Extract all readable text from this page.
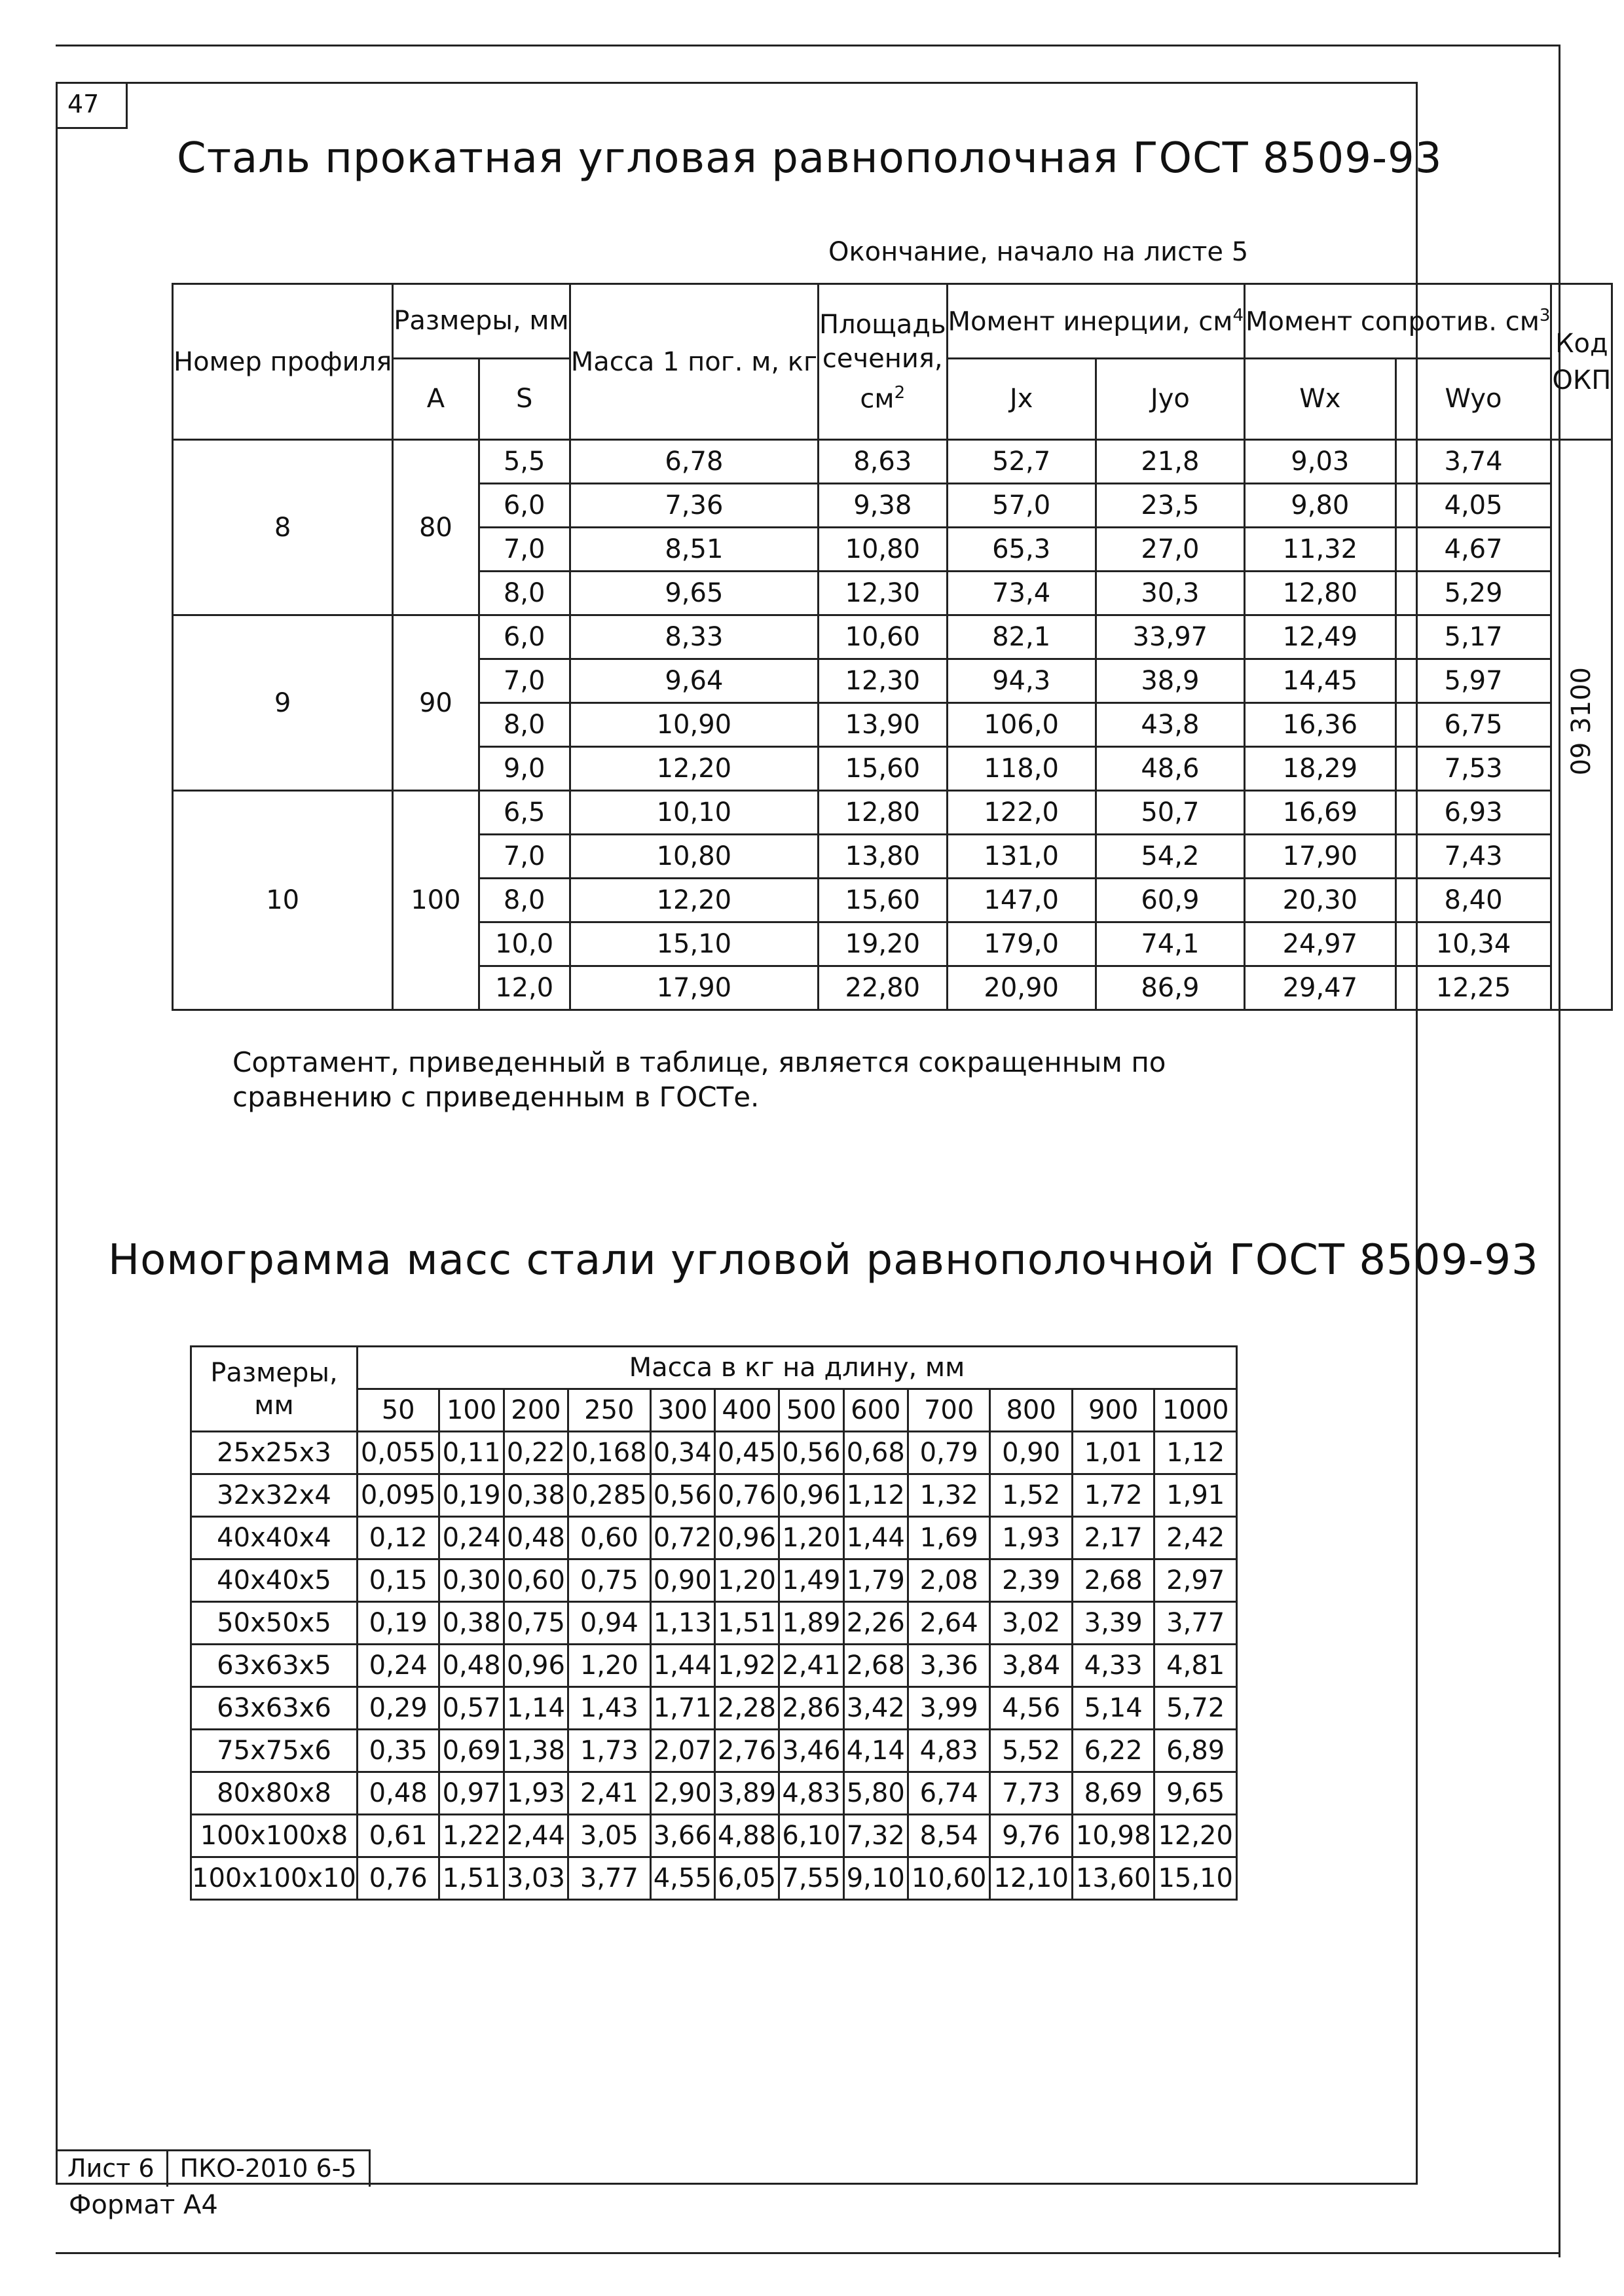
47
Сталь прокатная угловая равнополочная ГОСТ 8509-93
Окончание, начало на листе 5
Номер профиля	Размеры, мм		Масса 1 пог. м, кг	Площадь сечения, $см^2$	Момент инерции, $см^4$		Момент сопротив. $см^3$		Код ОКП
	А	S			Jx	Jyo	Wx	Wyo	
8	80	5,5	6,78	8,63	52,7	21,8	9,03	3,74	09 3100
		6,0	7,36	9,38	57,0	23,5	9,80	4,05	
		7,0	8,51	10,80	65,3	27,0	11,32	4,67	
		8,0	9,65	12,30	73,4	30,3	12,80	5,29	
9	90	6,0	8,33	10,60	82,1	33,97	12,49	5,17	
		7,0	9,64	12,30	94,3	38,9	14,45	5,97	
		8,0	10,90	13,90	106,0	43,8	16,36	6,75	
		9,0	12,20	15,60	118,0	48,6	18,29	7,53	
10	100	6,5	10,10	12,80	122,0	50,7	16,69	6,93	
		7,0	10,80	13,80	131,0	54,2	17,90	7,43	
		8,0	12,20	15,60	147,0	60,9	20,30	8,40	
		10,0	15,10	19,20	179,0	74,1	24,97	10,34	
		12,0	17,90	22,80	20,90	86,9	29,47	12,25	
Сортамент, приведенный в таблице, является сокращенным по
сравнению с приведенным в ГОСТе.
Номограмма масс стали угловой равнополочной ГОСТ 8509-93
Размеры, мм	Масса в кг на длину, мм											
	50	100	200	250	300	400	500	600	700	800	900	1000
25x25x3	0,055	0,11	0,22	0,168	0,34	0,45	0,56	0,68	0,79	0,90	1,01	1,12
32x32x4	0,095	0,19	0,38	0,285	0,56	0,76	0,96	1,12	1,32	1,52	1,72	1,91
40x40x4	0,12	0,24	0,48	0,60	0,72	0,96	1,20	1,44	1,69	1,93	2,17	2,42
40x40x5	0,15	0,30	0,60	0,75	0,90	1,20	1,49	1,79	2,08	2,39	2,68	2,97
50x50x5	0,19	0,38	0,75	0,94	1,13	1,51	1,89	2,26	2,64	3,02	3,39	3,77
63x63x5	0,24	0,48	0,96	1,20	1,44	1,92	2,41	2,68	3,36	3,84	4,33	4,81
63x63x6	0,29	0,57	1,14	1,43	1,71	2,28	2,86	3,42	3,99	4,56	5,14	5,72
75x75x6	0,35	0,69	1,38	1,73	2,07	2,76	3,46	4,14	4,83	5,52	6,22	6,89
80x80x8	0,48	0,97	1,93	2,41	2,90	3,89	4,83	5,80	6,74	7,73	8,69	9,65
100x100x8	0,61	1,22	2,44	3,05	3,66	4,88	6,10	7,32	8,54	9,76	10,98	12,20
100x100x10	0,76	1,51	3,03	3,77	4,55	6,05	7,55	9,10	10,60	12,10	13,60	15,10
Лист 6	ПКО-2010 6-5
Формат А4
